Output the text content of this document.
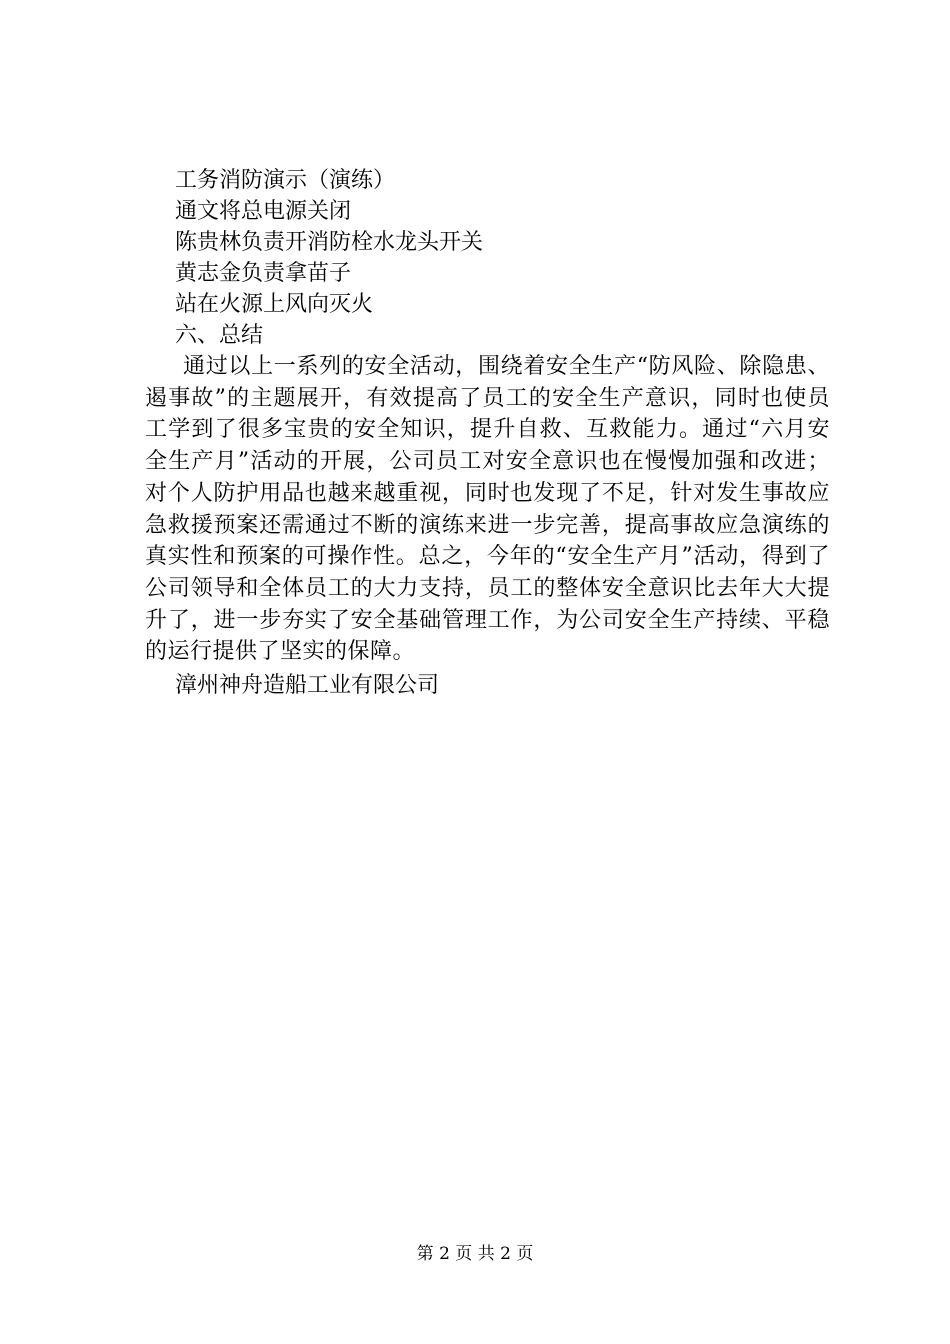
工务消防演示（演练）
通文将总电源关闭
陈贵林负责开消防栓水龙头开关
黄志金负责拿苗子
站在火源上风向灭火
六、总结

通过以上一系列的安全活动，围绕着安全生产“防风险、除隐患、遏事故”的主题展开，有效提高了员工的安全生产意识，同时也使员工学到了很多宝贵的安全知识，提升自救、互救能力。通过“六月安全生产月”活动的开展，公司员工对安全意识也在慢慢加强和改进；对个人防护用品也越来越重视，同时也发现了不足，针对发生事故应急救援预案还需通过不断的演练来进一步完善，提高事故应急演练的真实性和预案的可操作性。总之，今年的“安全生产月”活动，得到了公司领导和全体员工的大力支持，员工的整体安全意识比去年大大提升了，进一步夯实了安全基础管理工作，为公司安全生产持续、平稳的运行提供了坚实的保障。

漳州神舟造船工业有限公司
第 2 页 共 2 页
